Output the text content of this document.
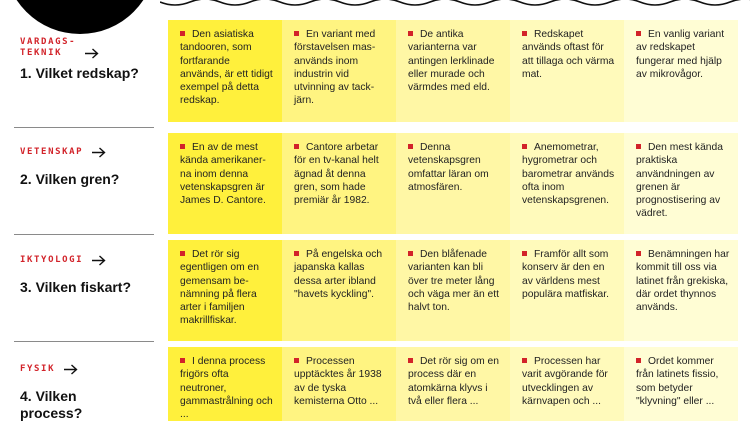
VARDAGS-
TEKNIK
1. Vilket redskap?
VETENSKAP
2. Vilken gren?
IKTYOLOGI
3. Vilken fiskart?
FYSIK
4. Vilken process?
Den asiatiska tandooren, som fortfarande används, är ett tidigt exempel på detta redskap.
En variant med förstavelsen mas-används inom industrin vid utvinning av tack-järn.
De antika varianterna var antingen lerklinade eller murade och värmdes med eld.
Redskapet används oftast för att tillaga och värma mat.
En vanlig variant av redskapet fungerar med hjälp av mikrovågor.
En av de mest kända amerikaner-na inom denna vetenskapsgren är James D. Cantore.
Cantore arbetar för en tv-kanal helt ägnad åt denna gren, som hade premiär år 1982.
Denna vetenskapsgren omfattar läran om atmosfären.
Anemometrar, hygrometrar och barometrar används ofta inom vetenskapsgrenen.
Den mest kända praktiska användningen av grenen är prognostisering av vädret.
Det rör sig egentligen om en gemensam be-nämning på flera arter i familjen makrillfiskar.
På engelska och japanska kallas dessa arter ibland "havets kyckling".
Den blåfenade varianten kan bli över tre meter lång och väga mer än ett halvt ton.
Framför allt som konserv är den en av världens mest populära matfiskar.
Benämningen har kommit till oss via latinet från grekiska, där ordet thynnos används.
I denna process frigörs ofta neutroner, gammastrålning och ...
Processen upptäcktes år 1938 av de tyska kemisterna Otto ...
Det rör sig om en process där en atomkärna klyvs i två eller flera ...
Processen har varit avgörande för utvecklingen av kärnvapen och ...
Ordet kommer från latinets fissio, som betyder "klyvning" eller ...
